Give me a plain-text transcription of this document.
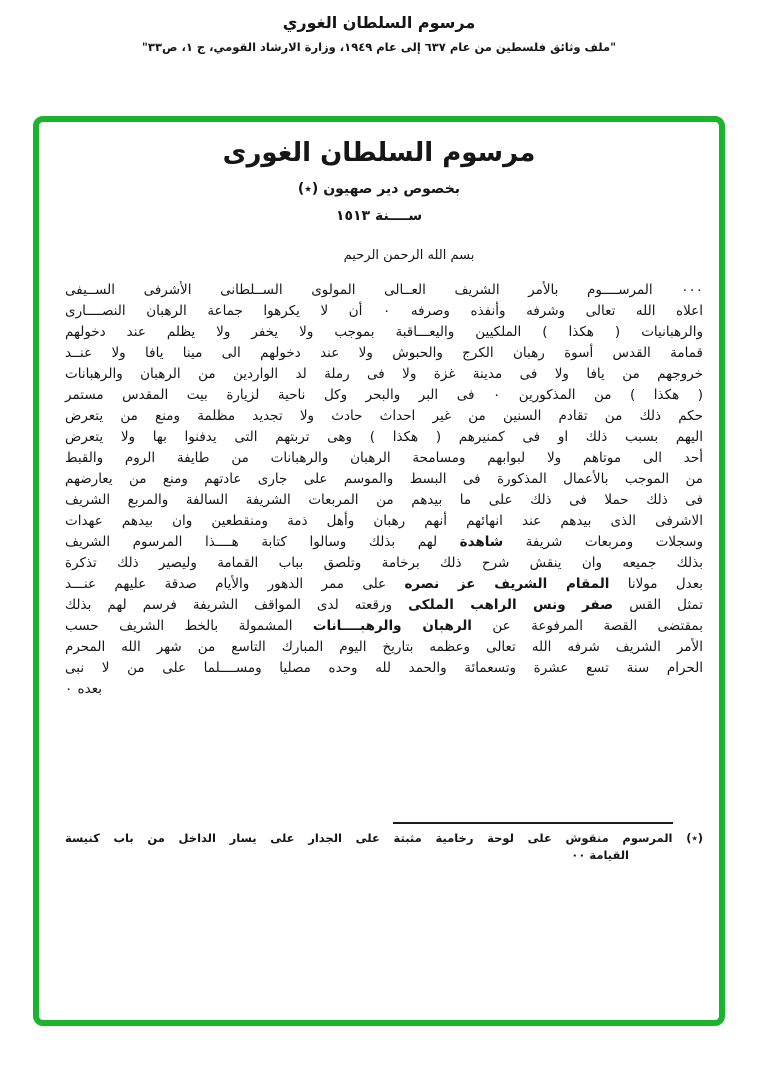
مرسوم السلطان الغوري
"ملف وثائق فلسطين من عام ٦٣٧ إلى عام ١٩٤٩، وزارة الارشاد القومي، ج ١، ص٣٣"
مرسوم السلطان الغورى
بخصوص دير صهيون (٭)
ســــنة ١٥١٣
بسم الله الرحمن الرحيم
٠٠٠ المرســــوم بالأمر الشريف العــالى المولوى الســلطانى الأشرفى الســيفى
اعلاه الله تعالى وشرفه وأنفذه وصرفه ٠ أن لا يكرهوا جماعة الرهبان النصــــارى
والرهبانيات ( هكذا ) الملكيين واليعـــاقبة بموجب ولا يخفر ولا يظلم عند دخولهم
قمامة القدس أسوة رهبان الكرج والحبوش ولا عند دخولهم الى مينا يافا ولا عنــد
خروجهم من يافا ولا فى مدينة غزة ولا فى رملة لد الواردين من الرهبان والرهبانات
( هكذا ) من المذكورين ٠ فى البر والبحر وكل ناحية لزيارة بيت المقدس مستمر
حكم ذلك من تقادم السنين من غير احداث حادث ولا تجديد مظلمة ومنع من يتعرض
اليهم بسبب ذلك او فى كمنيرهم ( هكذا ) وهى تربتهم التى يدفنوا بها ولا يتعرض
أحد الى موتاهم ولا لبوابهم ومسامحة الرهبان والرهبانات من طايفة الروم والقبط
من الموجب بالأعمال المذكورة فى البسط والموسم على جارى عادتهم ومنع من يعارضهم
فى ذلك حملا فى ذلك على ما بيدهم من المربعات الشريفة السالفة والمربع الشريف
الاشرفى الذى بيدهم عند انهائهم أنهم رهبان وأهل ذمة ومنقطعين وان بيدهم عهدات
وسجلات ومربعات شريفة شاهدة لهم بذلك وسالوا كتابة هــــذا المرسوم الشريف
بذلك جميعه وان ينقش شرح ذلك برخامة وتلصق بباب القمامة وليصير ذلك تذكرة
بعدل مولانا المقام الشريف عز نصره على ممر الدهور والأيام صدقة عليهم عنـــد
تمثل القس صفر ونس الراهب الملكى ورقعته لدى المواقف الشريفة فرسم لهم بذلك
بمقتضى القصة المرفوعة عن الرهبان والرهبــــانات المشمولة بالخط الشريف حسب
الأمر الشريف شرفه الله تعالى وعظمه بتاريخ اليوم المبارك التاسع من شهر الله المحرم
الحرام سنة تسع عشرة وتسعمائة والحمد لله وحده مصليا ومســــلما على من لا نبى
بعده ٠
(٭) المرسوم منقوش على لوحة رخامية مثبتة على الجدار على يسار الداخل من باب كنيسة
القيامة ٠٠
